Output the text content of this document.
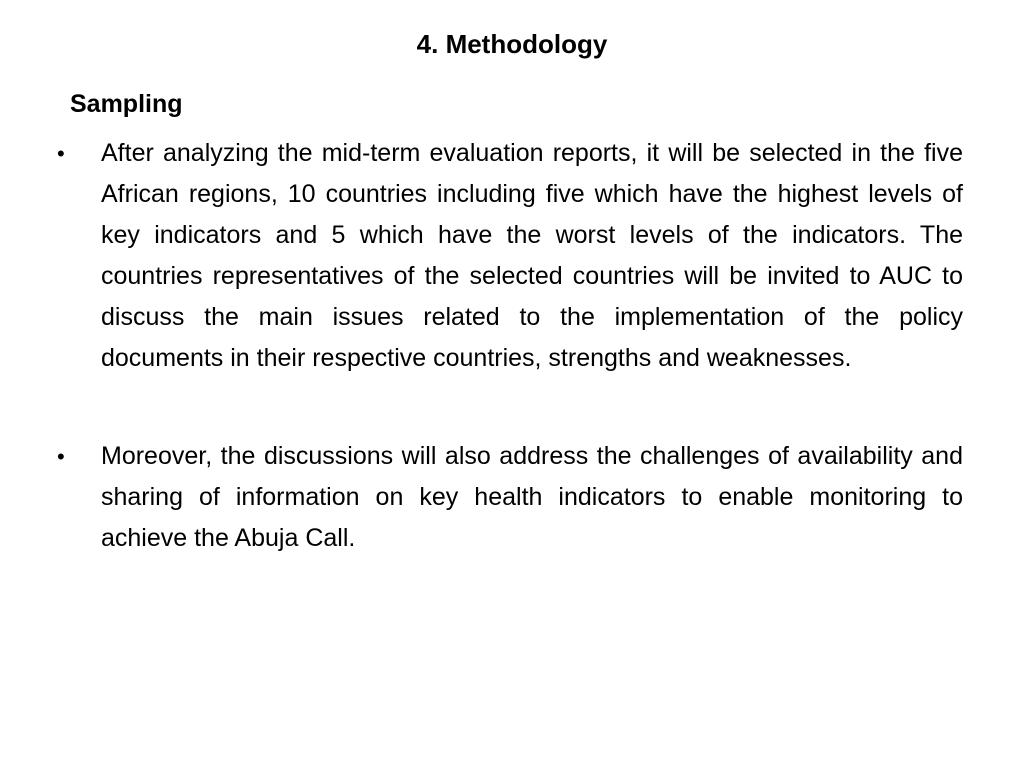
4. Methodology
Sampling
•	After analyzing the mid-term evaluation reports, it will be selected in the five African regions, 10 countries including five which have the highest levels of key indicators and 5 which have the worst levels of the indicators. The countries representatives of the selected countries will be invited to AUC to discuss the main issues related to the implementation of the policy documents in their respective countries, strengths and weaknesses.
•	Moreover, the discussions will also address the challenges of availability and sharing of information on key health indicators to enable monitoring to achieve the Abuja Call.
